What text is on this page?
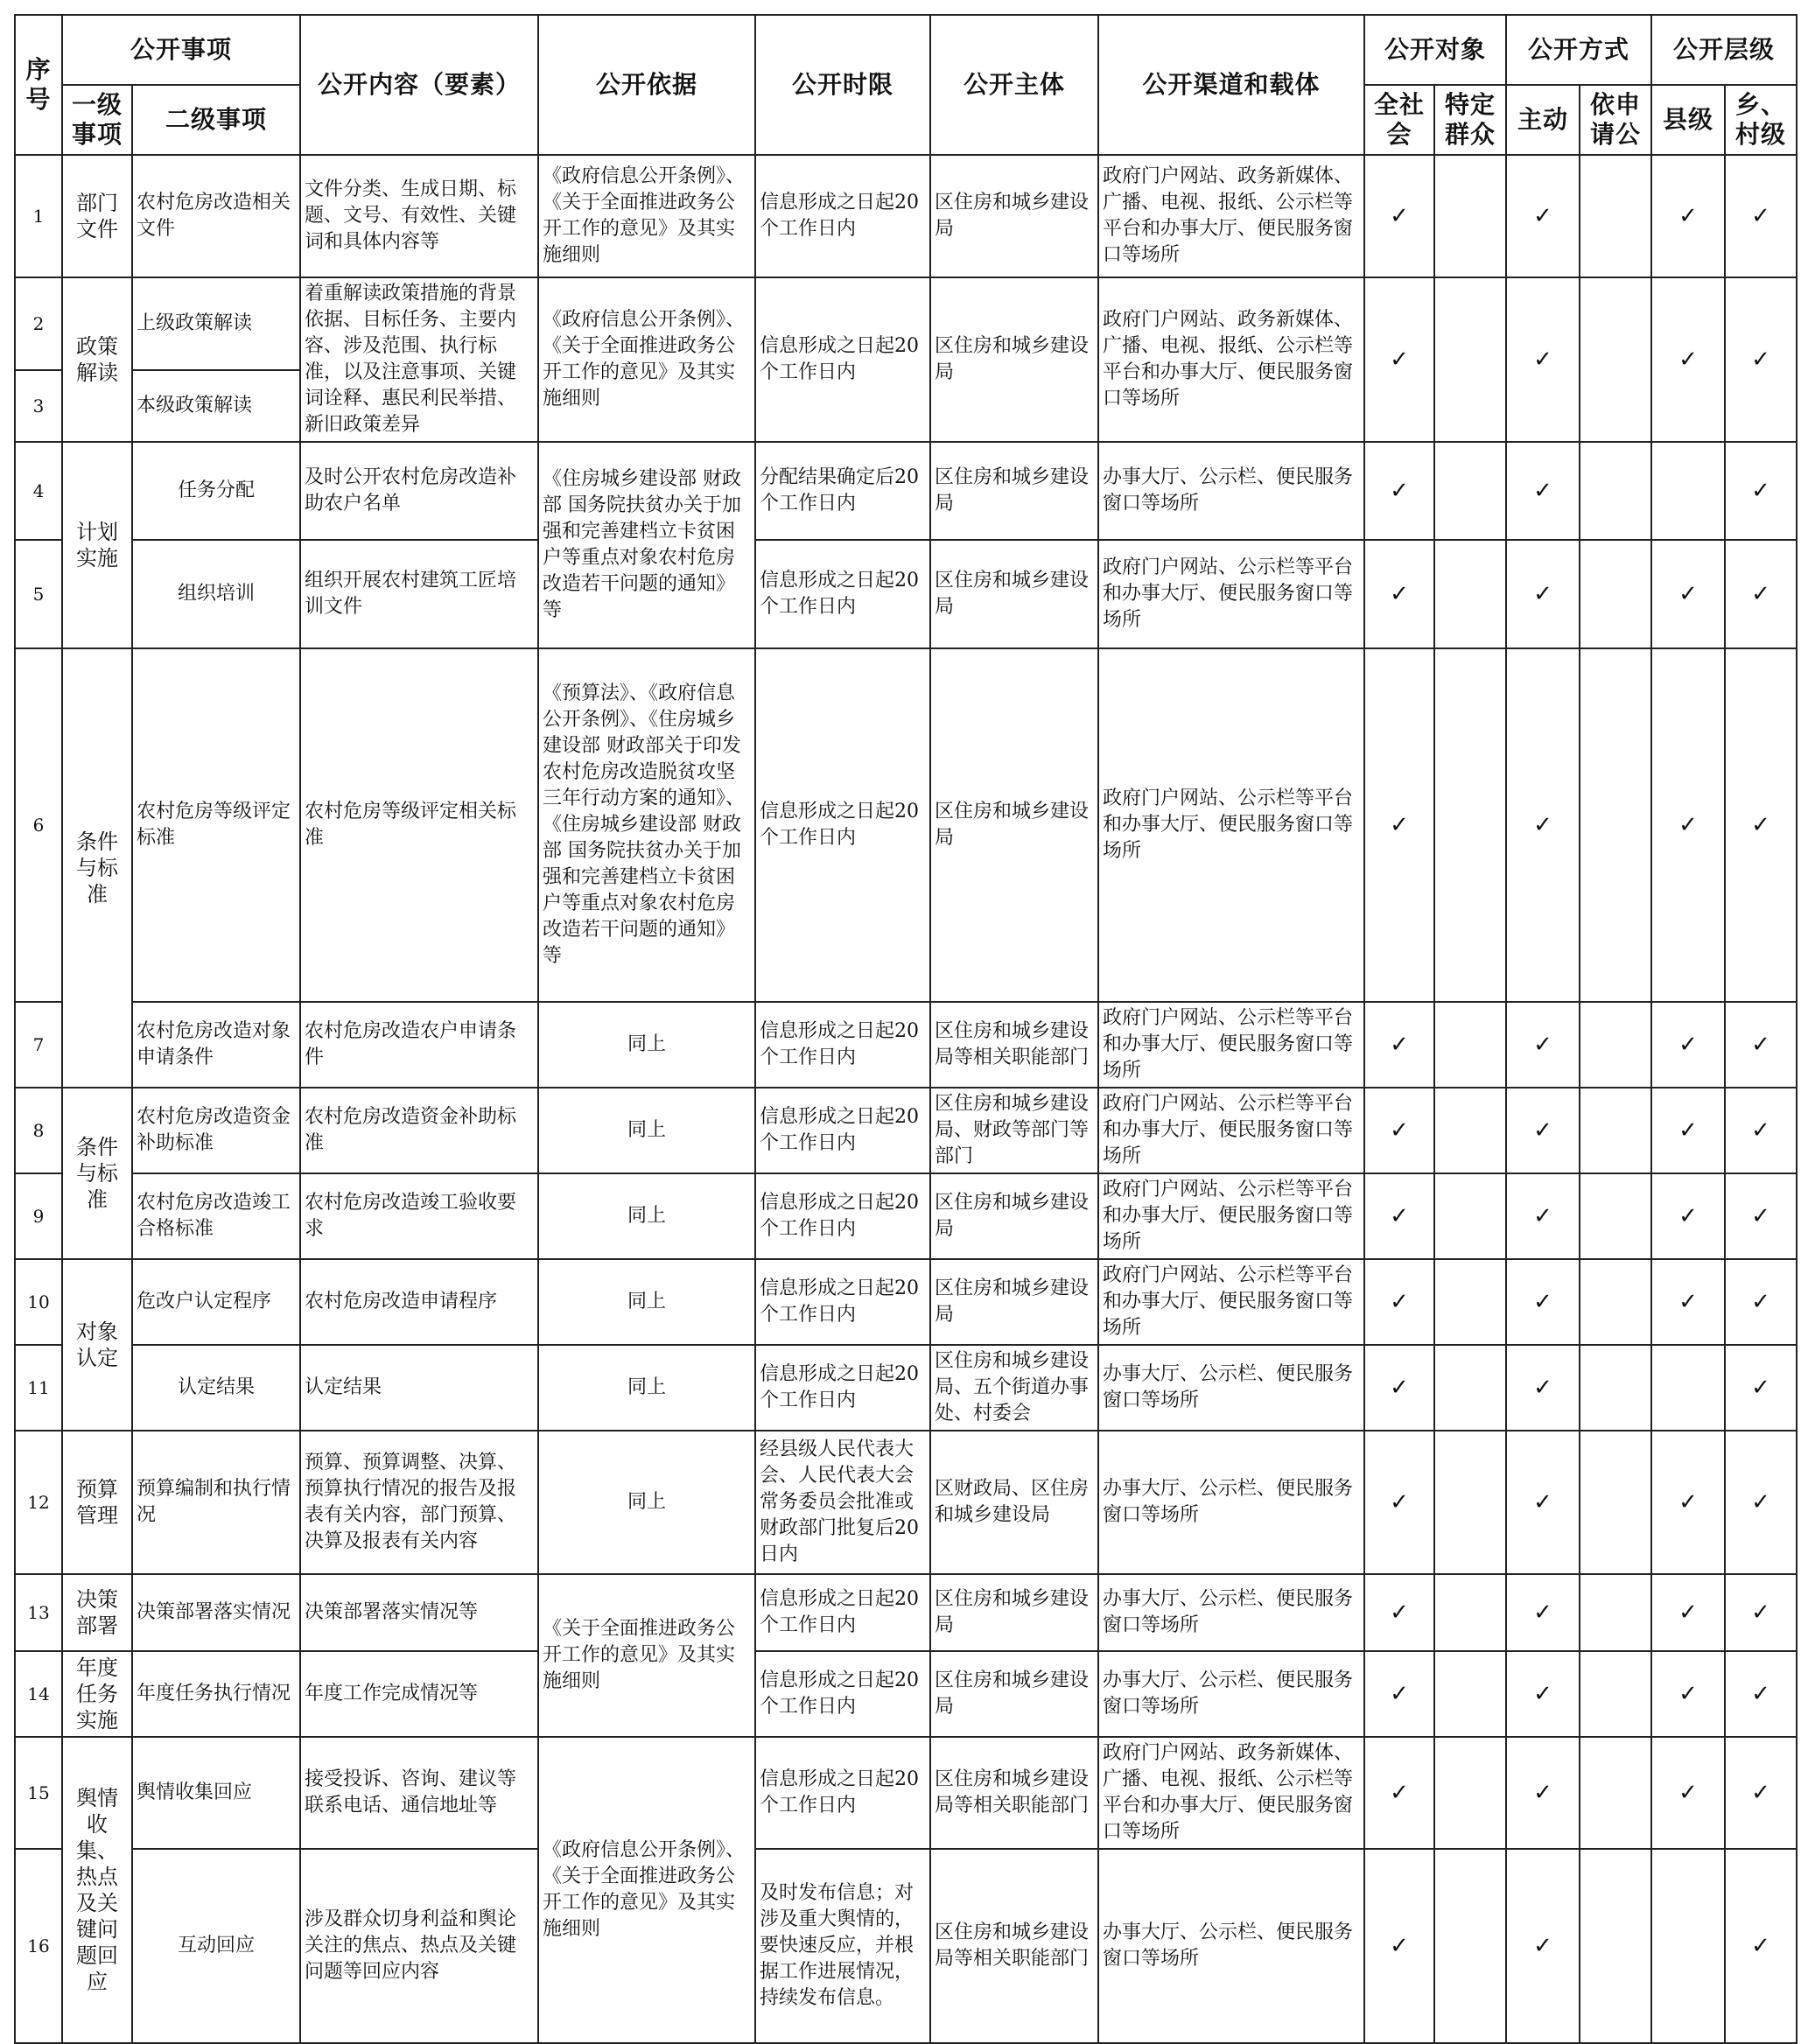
序号	公开事项		公开内容（要素）	公开依据	公开时限	公开主体	公开渠道和载体	公开对象		公开方式		公开层级	
	一级事项	二级事项						全社会	特定群众	主动	依申请公	县级	乡、村级
1	部门文件	农村危房改造相关文件	文件分类、生成日期、标题、文号、有效性、关键词和具体内容等	《政府信息公开条例》、《关于全面推进政务公开工作的意见》及其实施细则	信息形成之日起20个工作日内	区住房和城乡建设局	政府门户网站、政务新媒体、广播、电视、报纸、公示栏等平台和办事大厅、便民服务窗口等场所	✓		✓		✓	✓
2	政策解读	上级政策解读	着重解读政策措施的背景依据、目标任务、主要内容、涉及范围、执行标准，以及注意事项、关键词诠释、惠民利民举措、新旧政策差异	《政府信息公开条例》、《关于全面推进政务公开工作的意见》及其实施细则	信息形成之日起20个工作日内	区住房和城乡建设局	政府门户网站、政务新媒体、广播、电视、报纸、公示栏等平台和办事大厅、便民服务窗口等场所	✓		✓		✓	✓
3		本级政策解读											
4	计划实施	任务分配	及时公开农村危房改造补助农户名单	《住房城乡建设部 财政部 国务院扶贫办关于加强和完善建档立卡贫困户等重点对象农村危房改造若干问题的通知》等	分配结果确定后20个工作日内	区住房和城乡建设局	办事大厅、公示栏、便民服务窗口等场所	✓		✓			✓
5		组织培训	组织开展农村建筑工匠培训文件		信息形成之日起20个工作日内	区住房和城乡建设局	政府门户网站、公示栏等平台和办事大厅、便民服务窗口等场所	✓		✓		✓	✓
6	条件与标准	农村危房等级评定标准	农村危房等级评定相关标准	《预算法》、《政府信息公开条例》、《住房城乡建设部 财政部关于印发农村危房改造脱贫攻坚三年行动方案的通知》、《住房城乡建设部 财政部 国务院扶贫办关于加强和完善建档立卡贫困户等重点对象农村危房改造若干问题的通知》等	信息形成之日起20个工作日内	区住房和城乡建设局	政府门户网站、公示栏等平台和办事大厅、便民服务窗口等场所	✓		✓		✓	✓
7		农村危房改造对象申请条件	农村危房改造农户申请条件	同上	信息形成之日起20个工作日内	区住房和城乡建设局等相关职能部门	政府门户网站、公示栏等平台和办事大厅、便民服务窗口等场所	✓		✓		✓	✓
8	条件与标准	农村危房改造资金补助标准	农村危房改造资金补助标准	同上	信息形成之日起20个工作日内	区住房和城乡建设局、财政等部门等部门	政府门户网站、公示栏等平台和办事大厅、便民服务窗口等场所	✓		✓		✓	✓
9		农村危房改造竣工合格标准	农村危房改造竣工验收要求	同上	信息形成之日起20个工作日内	区住房和城乡建设局	政府门户网站、公示栏等平台和办事大厅、便民服务窗口等场所	✓		✓		✓	✓
10	对象认定	危改户认定程序	农村危房改造申请程序	同上	信息形成之日起20个工作日内	区住房和城乡建设局	政府门户网站、公示栏等平台和办事大厅、便民服务窗口等场所	✓		✓		✓	✓
11		认定结果	认定结果	同上	信息形成之日起20个工作日内	区住房和城乡建设局、五个街道办事处、村委会	办事大厅、公示栏、便民服务窗口等场所	✓		✓			✓
12	预算管理	预算编制和执行情况	预算、预算调整、决算、预算执行情况的报告及报表有关内容，部门预算、决算及报表有关内容	同上	经县级人民代表大会、人民代表大会常务委员会批准或财政部门批复后20日内	区财政局、区住房和城乡建设局	办事大厅、公示栏、便民服务窗口等场所	✓		✓		✓	✓
13	决策部署	决策部署落实情况	决策部署落实情况等	《关于全面推进政务公开工作的意见》及其实施细则	信息形成之日起20个工作日内	区住房和城乡建设局	办事大厅、公示栏、便民服务窗口等场所	✓		✓		✓	✓
14	年度任务实施	年度任务执行情况	年度工作完成情况等		信息形成之日起20个工作日内	区住房和城乡建设局	办事大厅、公示栏、便民服务窗口等场所	✓		✓		✓	✓
15	舆情收集、热点及关键问题回应	舆情收集回应	接受投诉、咨询、建议等联系电话、通信地址等	《政府信息公开条例》、《关于全面推进政务公开工作的意见》及其实施细则	信息形成之日起20个工作日内	区住房和城乡建设局等相关职能部门	政府门户网站、政务新媒体、广播、电视、报纸、公示栏等平台和办事大厅、便民服务窗口等场所	✓		✓		✓	✓
16		互动回应	涉及群众切身利益和舆论关注的焦点、热点及关键问题等回应内容		及时发布信息；对涉及重大舆情的，要快速反应，并根据工作进展情况，持续发布信息。	区住房和城乡建设局等相关职能部门	办事大厅、公示栏、便民服务窗口等场所	✓		✓			✓
